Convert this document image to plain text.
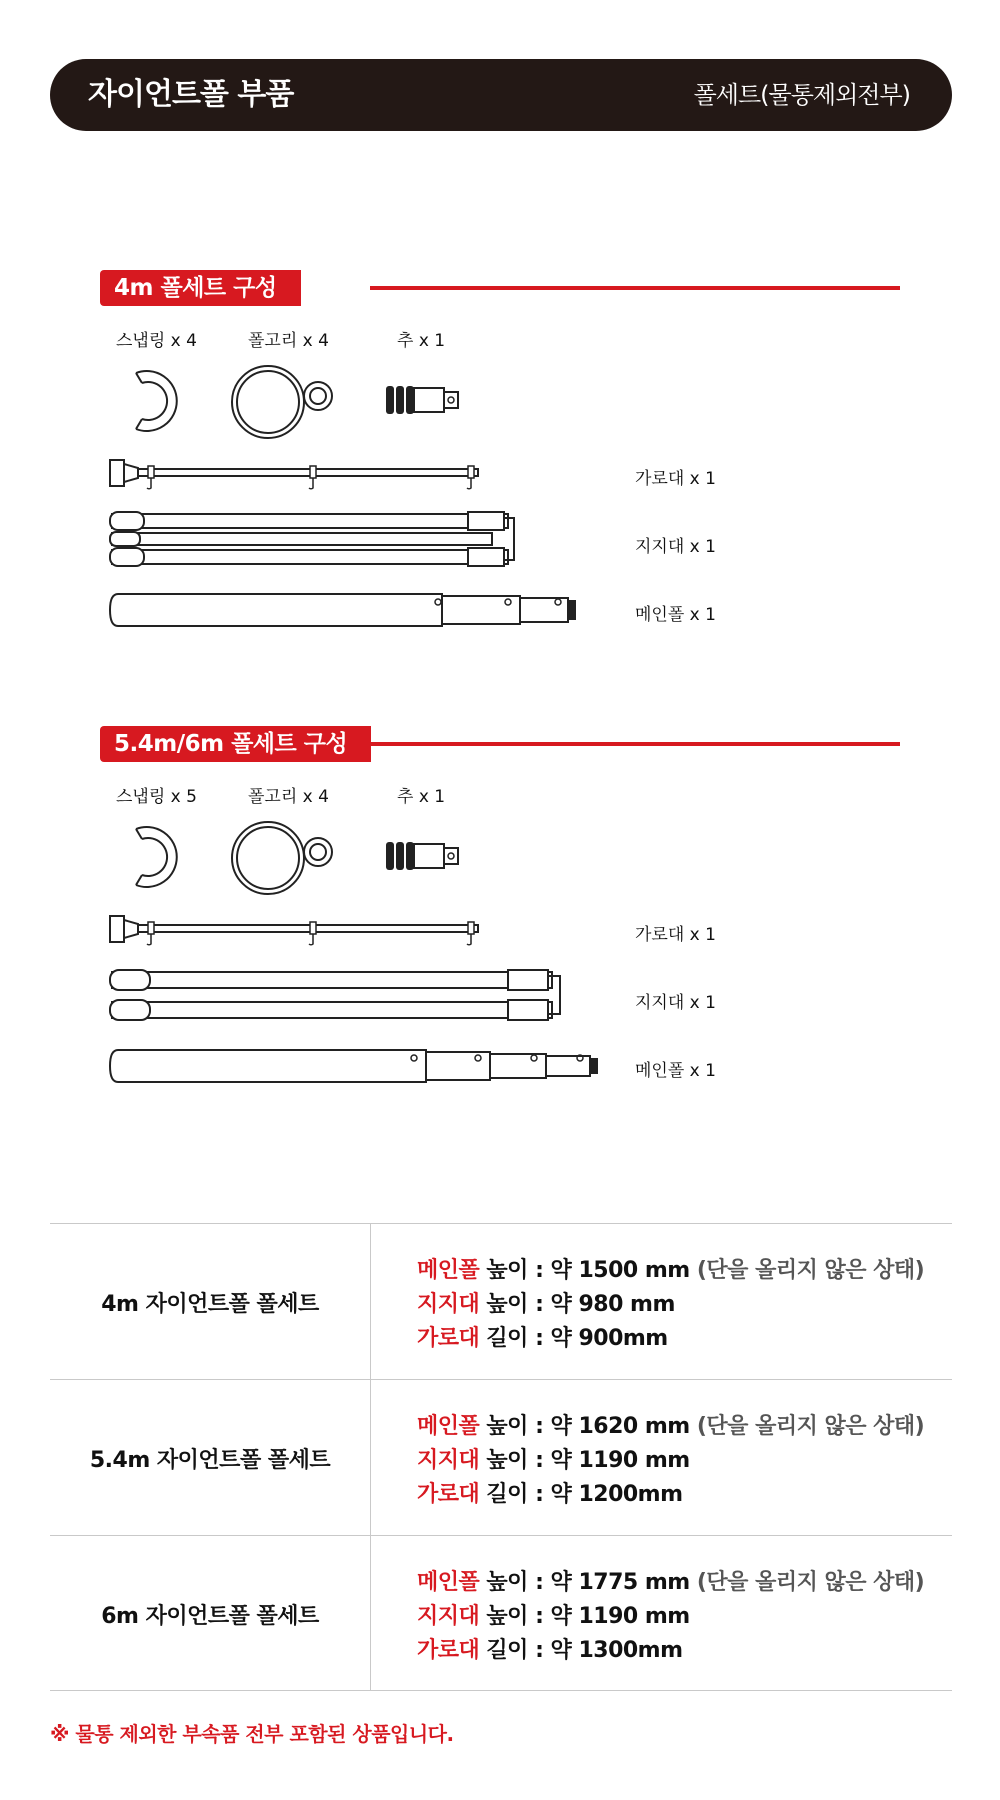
자이언트폴 부품	폴세트(물통제외전부)
4m 폴세트 구성
스냅링 x 4	폴고리 x 4	추 x 1
가로대 x 1
지지대 x 1
메인폴 x 1
5.4m/6m 폴세트 구성
스냅링 x 5	폴고리 x 4	추 x 1
가로대 x 1
지지대 x 1
메인폴 x 1
4m 자이언트폴 폴세트
메인폴 높이 : 약 1500 mm (단을 올리지 않은 상태)
지지대 높이 : 약 980 mm
가로대 길이 : 약 900mm
5.4m 자이언트폴 폴세트
메인폴 높이 : 약 1620 mm (단을 올리지 않은 상태)
지지대 높이 : 약 1190 mm
가로대 길이 : 약 1200mm
6m 자이언트폴 폴세트
메인폴 높이 : 약 1775 mm (단을 올리지 않은 상태)
지지대 높이 : 약 1190 mm
가로대 길이 : 약 1300mm
※ 물통 제외한 부속품 전부 포함된 상품입니다.
